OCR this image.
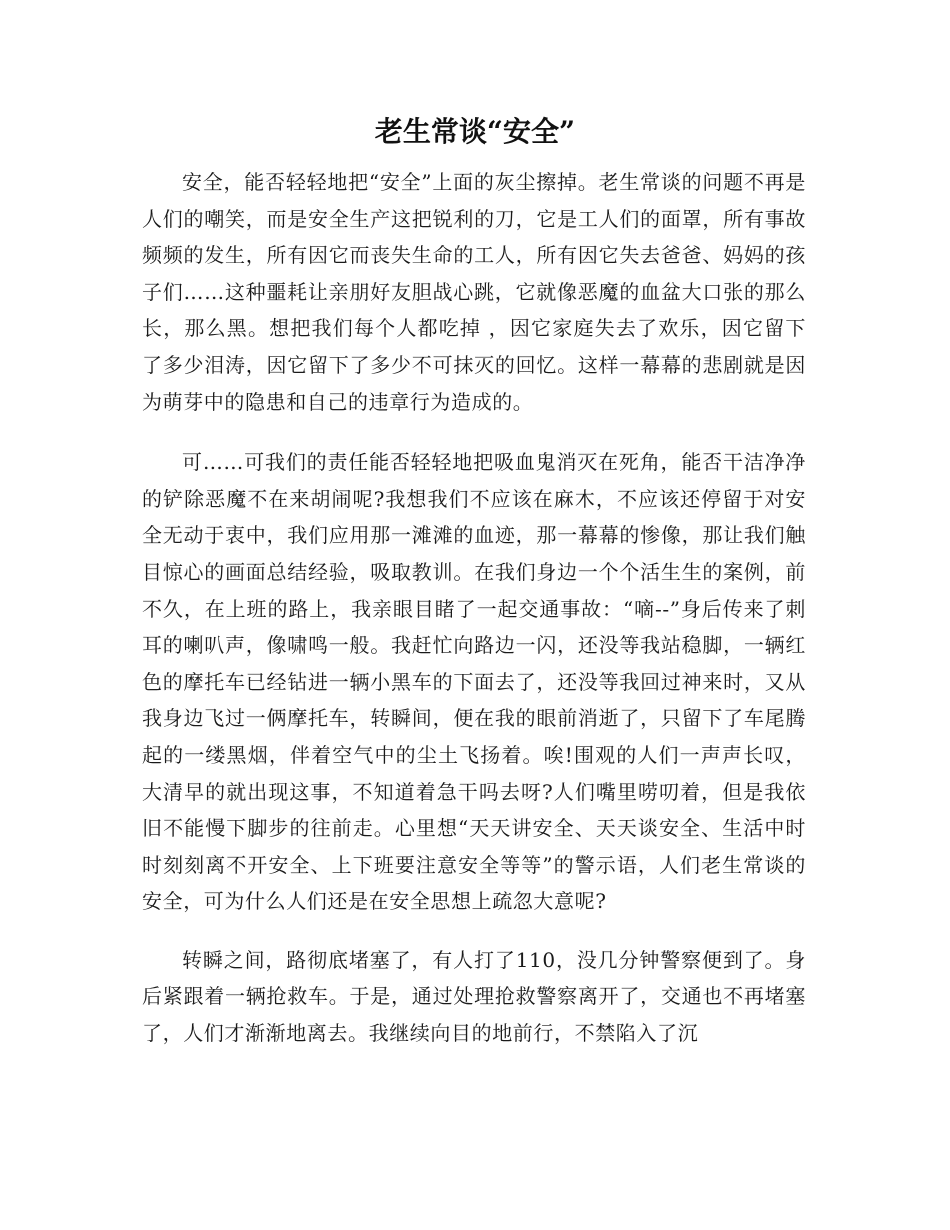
老生常谈“安全”

安全，能否轻轻地把“安全”上面的灰尘擦掉。老生常谈的问题不再是人们的嘲笑，而是安全生产这把锐利的刀，它是工人们的面罩，所有事故频频的发生，所有因它而丧失生命的工人，所有因它失去爸爸、妈妈的孩子们……这种噩耗让亲朋好友胆战心跳，它就像恶魔的血盆大口张的那么长，那么黑。想把我们每个人都吃掉 ，因它家庭失去了欢乐，因它留下了多少泪涛，因它留下了多少不可抹灭的回忆。这样一幕幕的悲剧就是因为萌芽中的隐患和自己的违章行为造成的。

可……可我们的责任能否轻轻地把吸血鬼消灭在死角，能否干洁净净的铲除恶魔不在来胡闹呢?我想我们不应该在麻木，不应该还停留于对安全无动于衷中，我们应用那一滩滩的血迹，那一幕幕的惨像，那让我们触目惊心的画面总结经验，吸取教训。在我们身边一个个活生生的案例，前不久，在上班的路上，我亲眼目睹了一起交通事故：“嘀--”身后传来了刺耳的喇叭声，像啸鸣一般。我赶忙向路边一闪，还没等我站稳脚，一辆红色的摩托车已经钻进一辆小黑车的下面去了，还没等我回过神来时，又从我身边飞过一俩摩托车，转瞬间，便在我的眼前消逝了，只留下了车尾腾起的一缕黑烟，伴着空气中的尘土飞扬着。唉!围观的人们一声声长叹，大清早的就出现这事，不知道着急干吗去呀?人们嘴里唠叨着，但是我依旧不能慢下脚步的往前走。心里想“天天讲安全、天天谈安全、生活中时时刻刻离不开安全、上下班要注意安全等等”的警示语，人们老生常谈的安全，可为什么人们还是在安全思想上疏忽大意呢?

转瞬之间，路彻底堵塞了，有人打了110，没几分钟警察便到了。身后紧跟着一辆抢救车。于是，通过处理抢救警察离开了，交通也不再堵塞了，人们才渐渐地离去。我继续向目的地前行，不禁陷入了沉
